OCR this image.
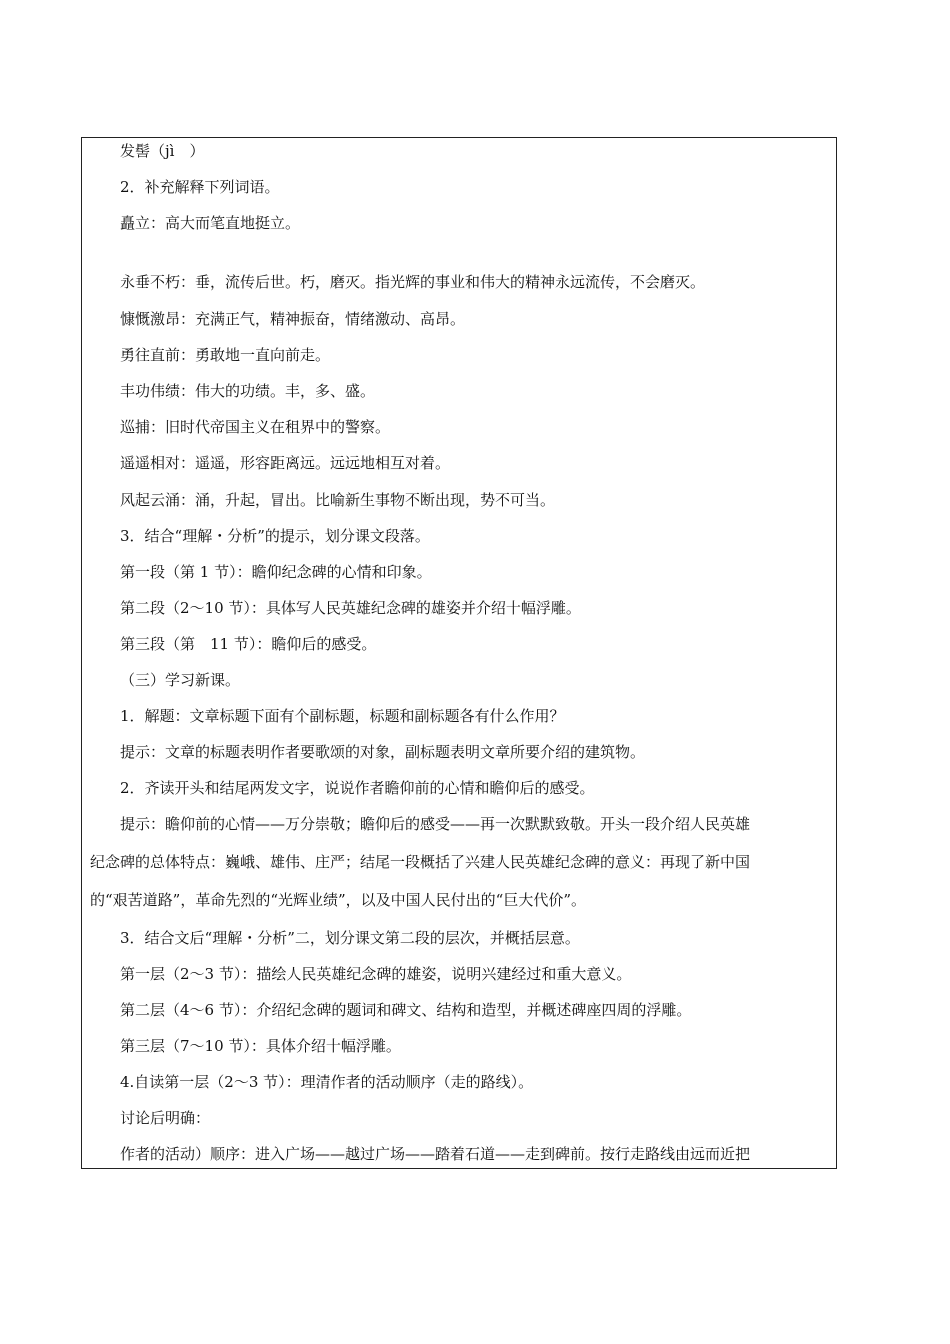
发髻（jì　）
2．补充解释下列词语。
矗立：高大而笔直地挺立。
永垂不朽：垂，流传后世。朽，磨灭。指光辉的事业和伟大的精神永远流传，不会磨灭。
慷慨激昂：充满正气，精神振奋，情绪激动、高昂。
勇往直前：勇敢地一直向前走。
丰功伟绩：伟大的功绩。丰，多、盛。
巡捕：旧时代帝国主义在租界中的警察。
遥遥相对：遥遥，形容距离远。远远地相互对着。
风起云涌：涌，升起，冒出。比喻新生事物不断出现，势不可当。
3．结合“理解・分析”的提示，划分课文段落。
第一段（第 1 节）：瞻仰纪念碑的心情和印象。
第二段（2～10 节）：具体写人民英雄纪念碑的雄姿并介绍十幅浮雕。
第三段（第　11 节）：瞻仰后的感受。
（三）学习新课。
1．解题：文章标题下面有个副标题，标题和副标题各有什么作用？
提示：文章的标题表明作者要歌颂的对象，副标题表明文章所要介绍的建筑物。
2．齐读开头和结尾两发文字，说说作者瞻仰前的心情和瞻仰后的感受。
提示：瞻仰前的心情——万分崇敬；瞻仰后的感受——再一次默默致敬。开头一段介绍人民英雄
纪念碑的总体特点：巍峨、雄伟、庄严；结尾一段概括了兴建人民英雄纪念碑的意义：再现了新中国
的“艰苦道路”，革命先烈的“光辉业绩”，以及中国人民付出的“巨大代价”。
3．结合文后“理解・分析”二，划分课文第二段的层次，并概括层意。
第一层（2～3 节）：描绘人民英雄纪念碑的雄姿，说明兴建经过和重大意义。
第二层（4～6 节）：介绍纪念碑的题词和碑文、结构和造型，并概述碑座四周的浮雕。
第三层（7～10 节）：具体介绍十幅浮雕。
4.自读第一层（2～3 节）：理清作者的活动顺序（走的路线）。
讨论后明确：
作者的活动）顺序：进入广场——越过广场——踏着石道——走到碑前。按行走路线由远而近把
